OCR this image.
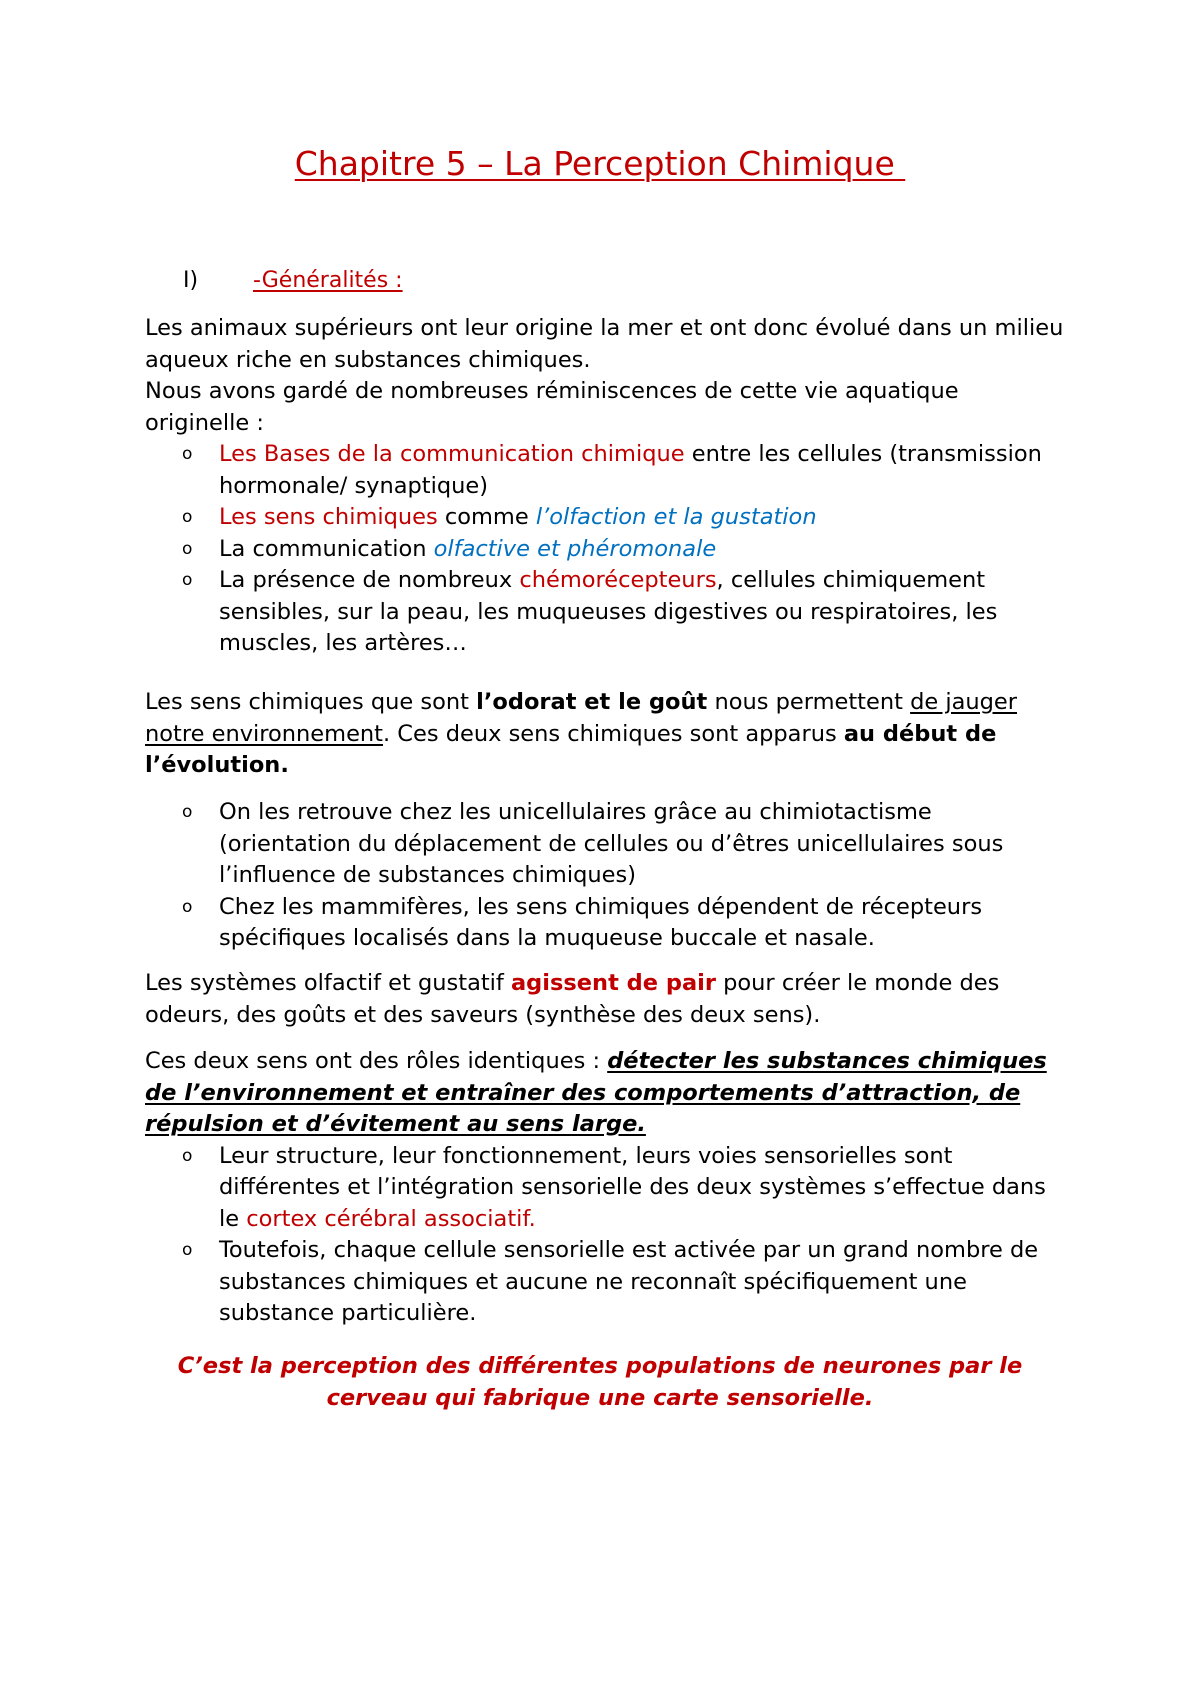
Chapitre 5 – La Perception Chimique
I) -Généralités :

Les animaux supérieurs ont leur origine la mer et ont donc évolué dans un milieu aqueux riche en substances chimiques.

Nous avons gardé de nombreuses réminiscences de cette vie aquatique originelle :

o Les Bases de la communication chimique entre les cellules (transmission hormonale/ synaptique)
o Les sens chimiques comme l’olfaction et la gustation
o La communication olfactive et phéromonale
o La présence de nombreux chémorécepteurs, cellules chimiquement sensibles, sur la peau, les muqueuses digestives ou respiratoires, les muscles, les artères…

Les sens chimiques que sont l’odorat et le goût nous permettent de jauger notre environnement. Ces deux sens chimiques sont apparus au début de l’évolution.

o On les retrouve chez les unicellulaires grâce au chimiotactisme (orientation du déplacement de cellules ou d’êtres unicellulaires sous l’influence de substances chimiques)
o Chez les mammifères, les sens chimiques dépendent de récepteurs spécifiques localisés dans la muqueuse buccale et nasale.

Les systèmes olfactif et gustatif agissent de pair pour créer le monde des odeurs, des goûts et des saveurs (synthèse des deux sens).

Ces deux sens ont des rôles identiques : détecter les substances chimiques de l’environnement et entraîner des comportements d’attraction, de répulsion et d’évitement au sens large.

o Leur structure, leur fonctionnement, leurs voies sensorielles sont différentes et l’intégration sensorielle des deux systèmes s’effectue dans le cortex cérébral associatif.
o Toutefois, chaque cellule sensorielle est activée par un grand nombre de substances chimiques et aucune ne reconnaît spécifiquement une substance particulière.
C’est la perception des différentes populations de neurones par le cerveau qui fabrique une carte sensorielle.
